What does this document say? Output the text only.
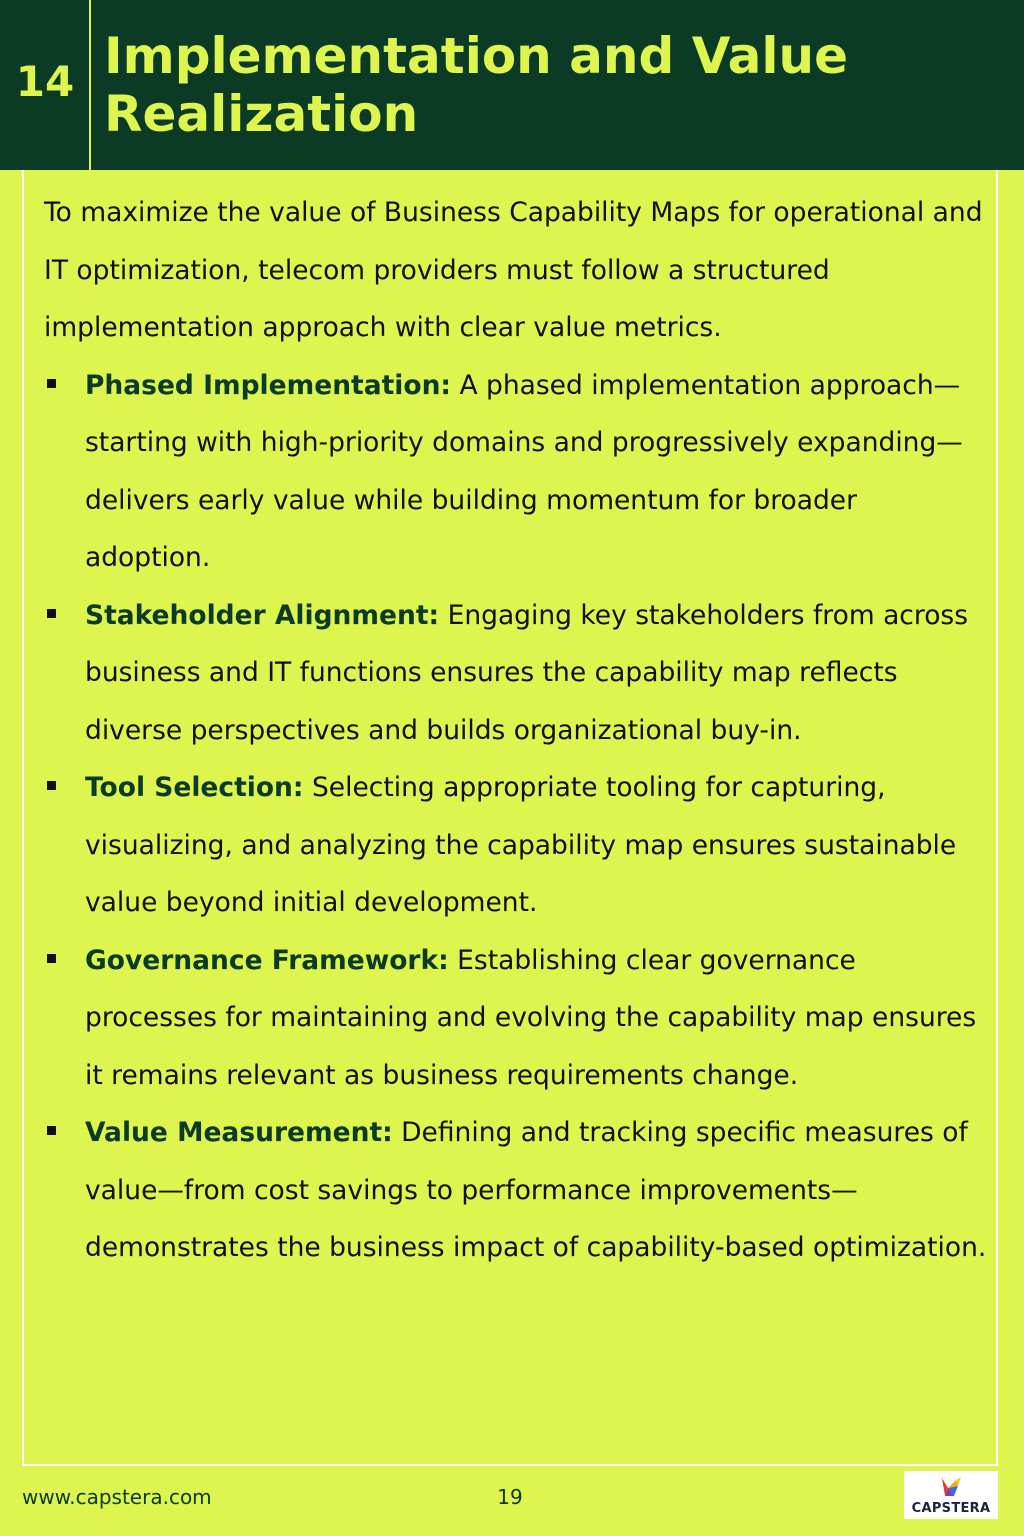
14 Implementation and Value Realization

To maximize the value of Business Capability Maps for operational and IT optimization, telecom providers must follow a structured implementation approach with clear value metrics.

Phased Implementation: A phased implementation approach—starting with high-priority domains and progressively expanding—delivers early value while building momentum for broader adoption.
Stakeholder Alignment: Engaging key stakeholders from across business and IT functions ensures the capability map reflects diverse perspectives and builds organizational buy-in.
Tool Selection: Selecting appropriate tooling for capturing, visualizing, and analyzing the capability map ensures sustainable value beyond initial development.
Governance Framework: Establishing clear governance processes for maintaining and evolving the capability map ensures it remains relevant as business requirements change.
Value Measurement: Defining and tracking specific measures of value—from cost savings to performance improvements—demonstrates the business impact of capability-based optimization.
www.capstera.com	19	CAPSTERA
